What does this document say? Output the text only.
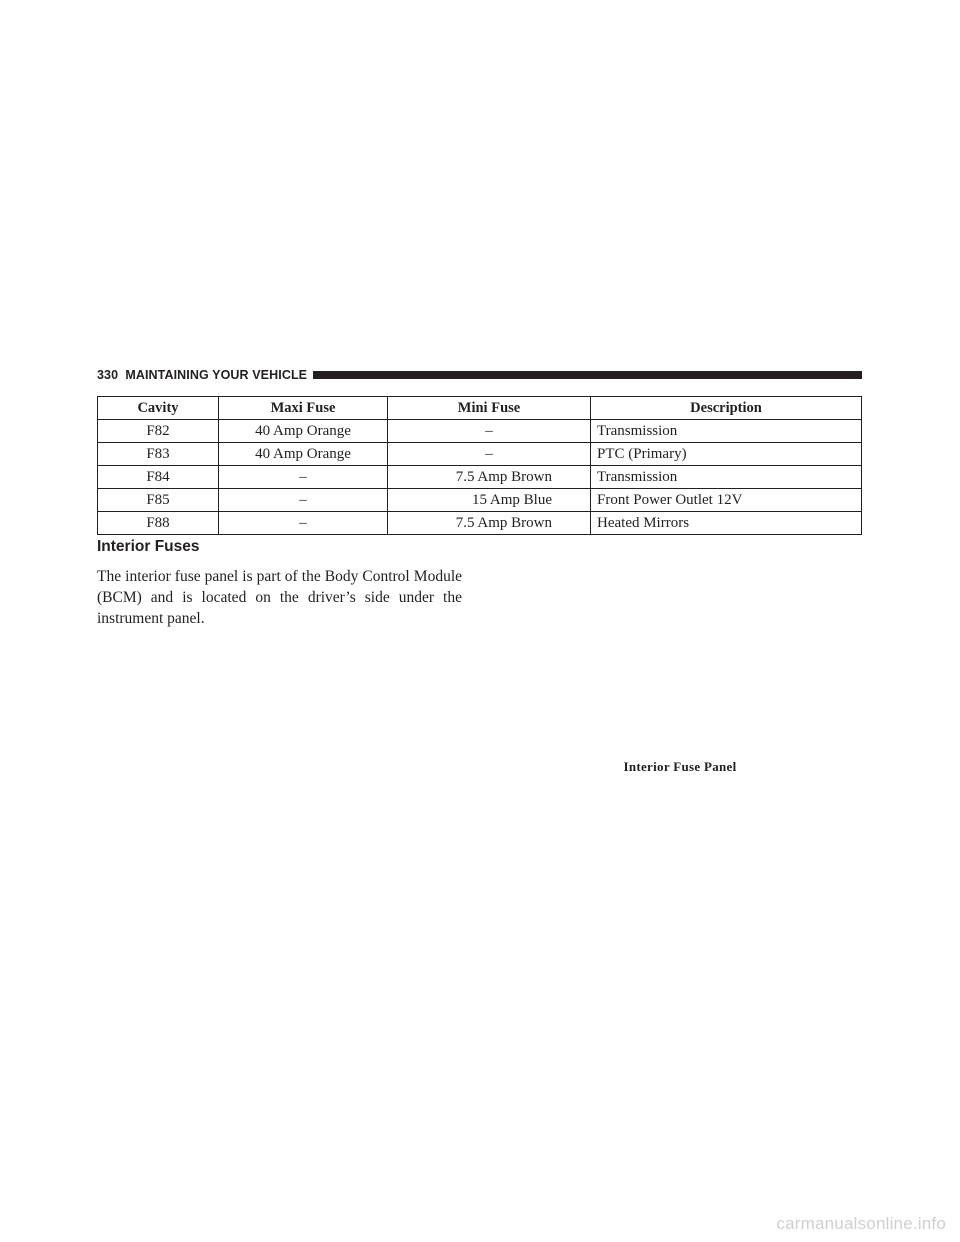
330 MAINTAINING YOUR VEHICLE
Cavity	Maxi Fuse	Mini Fuse	Description
F82	40 Amp Orange	–	Transmission
F83	40 Amp Orange	–	PTC (Primary)
F84	–	7.5 Amp Brown	Transmission
F85	–	15 Amp Blue	Front Power Outlet 12V
F88	–	7.5 Amp Brown	Heated Mirrors
Interior Fuses

The interior fuse panel is part of the Body Control Module (BCM) and is located on the driver’s side under the instrument panel.

Interior Fuse Panel

carmanualsonline.info
